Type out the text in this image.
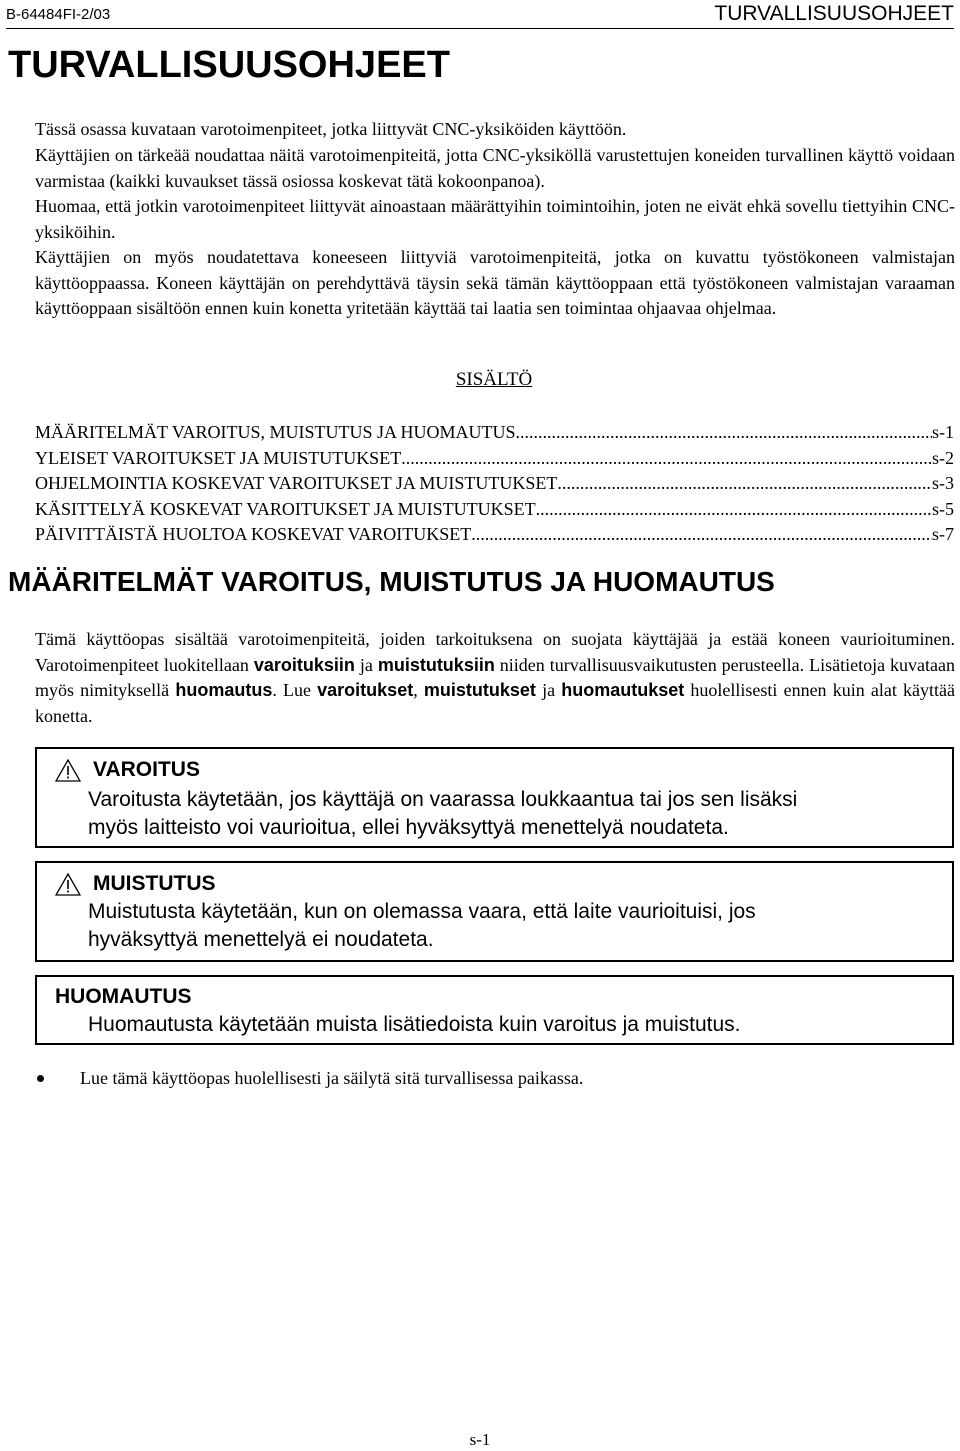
B-64484FI-2/03	TURVALLISUUSOHJEET
TURVALLISUUSOHJEET

Tässä osassa kuvataan varotoimenpiteet, jotka liittyvät CNC-yksiköiden käyttöön.

Käyttäjien on tärkeää noudattaa näitä varotoimenpiteitä, jotta CNC-yksiköllä varustettujen koneiden turvallinen käyttö voidaan varmistaa (kaikki kuvaukset tässä osiossa koskevat tätä kokoonpanoa).

Huomaa, että jotkin varotoimenpiteet liittyvät ainoastaan määrättyihin toimintoihin, joten ne eivät ehkä sovellu tiettyihin CNC-yksiköihin.

Käyttäjien on myös noudatettava koneeseen liittyviä varotoimenpiteitä, jotka on kuvattu työstökoneen valmistajan käyttöoppaassa. Koneen käyttäjän on perehdyttävä täysin sekä tämän käyttöoppaan että työstökoneen valmistajan varaaman käyttöoppaan sisältöön ennen kuin konetta yritetään käyttää tai laatia sen toimintaa ohjaavaa ohjelmaa.

SISÄLTÖ
MÄÄRITELMÄT VAROITUS, MUISTUTUS JA HUOMAUTUS .....	s-1
YLEISET VAROITUKSET JA MUISTUTUKSET .....	s-2
OHJELMOINTIA KOSKEVAT VAROITUKSET JA MUISTUTUKSET .....	s-3
KÄSITTELYÄ KOSKEVAT VAROITUKSET JA MUISTUTUKSET .....	s-5
PÄIVITTÄISTÄ HUOLTOA KOSKEVAT VAROITUKSET .....	s-7
MÄÄRITELMÄT VAROITUS, MUISTUTUS JA HUOMAUTUS

Tämä käyttöopas sisältää varotoimenpiteitä, joiden tarkoituksena on suojata käyttäjää ja estää koneen vaurioituminen. Varotoimenpiteet luokitellaan varoituksiin ja muistutuksiin niiden turvallisuusvaikutusten perusteella. Lisätietoja kuvataan myös nimityksellä huomautus. Lue varoitukset, muistutukset ja huomautukset huolellisesti ennen kuin alat käyttää konetta.

VAROITUS
Varoitusta käytetään, jos käyttäjä on vaarassa loukkaantua tai jos sen lisäksi
myös laitteisto voi vaurioitua, ellei hyväksyttyä menettelyä noudateta.
MUISTUTUS
Muistutusta käytetään, kun on olemassa vaara, että laite vaurioituisi, jos
hyväksyttyä menettelyä ei noudateta.
HUOMAUTUS
Huomautusta käytetään muista lisätiedoista kuin varoitus ja muistutus.
Lue tämä käyttöopas huolellisesti ja säilytä sitä turvallisessa paikassa.
s-1
